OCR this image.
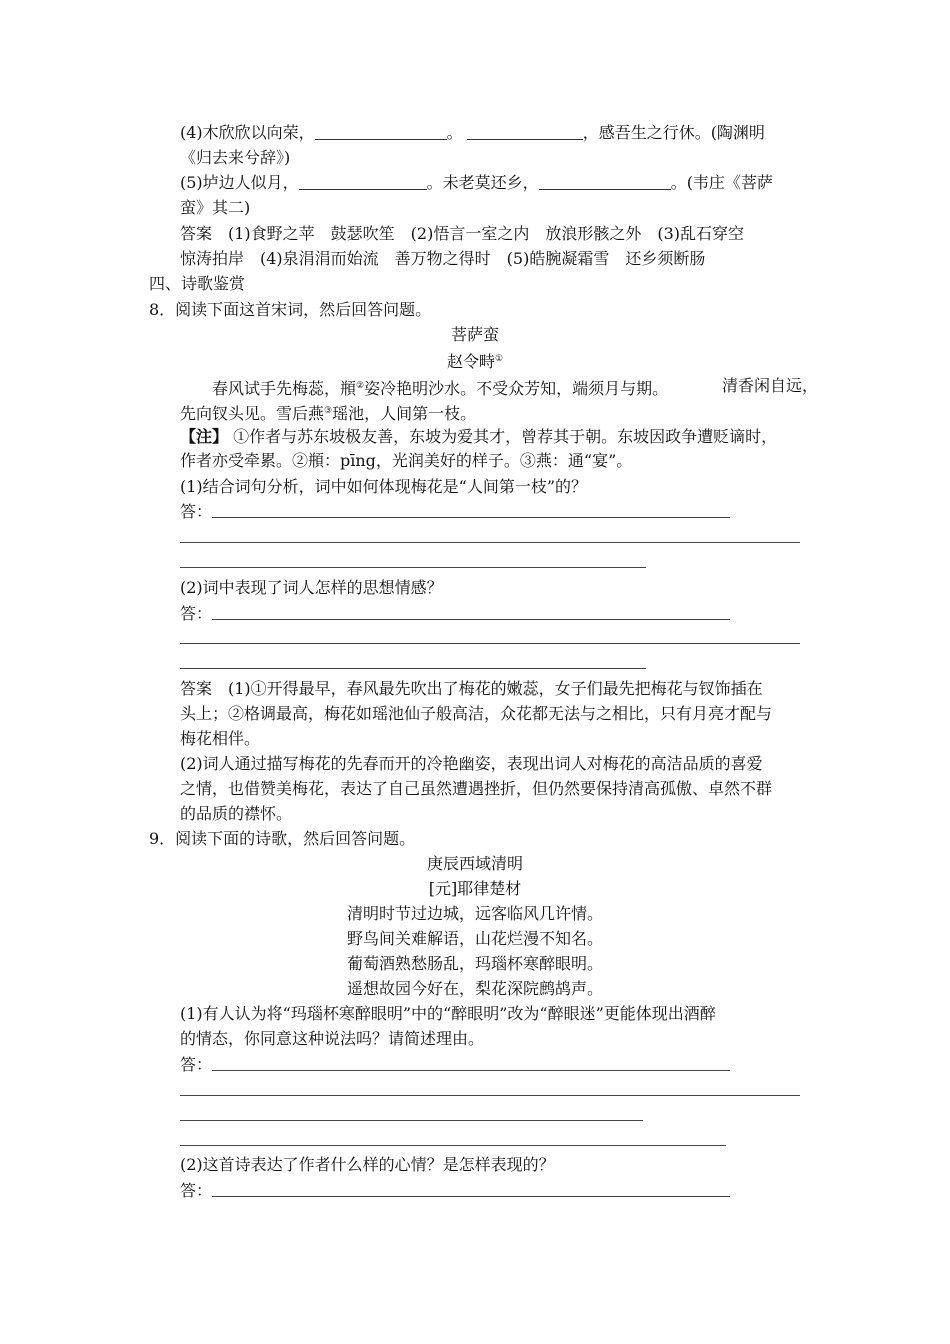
(4)木欣欣以向荣，	。	，感吾生之行休。(陶渊明
《归去来兮辞》)
(5)垆边人似月，	。未老莫还乡，	。(韦庄《菩萨
蛮》其二)
答案　(1)食野之苹　鼓瑟吹笙　(2)悟言一室之内　放浪形骸之外　(3)乱石穿空
惊涛拍岸　(4)泉涓涓而始流　善万物之得时　(5)皓腕凝霜雪　还乡须断肠
四、诗歌鉴赏
8．阅读下面这首宋词，然后回答问题。
菩萨蛮
赵令畤①
春风试手先梅蕊，頩②姿冷艳明沙水。不受众芳知，端须月与期。	清香闲自远，
先向钗头见。雪后燕③瑶池，人间第一枝。
【注】 ①作者与苏东坡极友善，东坡为爱其才，曾荐其于朝。东坡因政争遭贬谪时，
作者亦受牵累。②頩：pīng，光润美好的样子。③燕：通“宴”。
(1)结合词句分析，词中如何体现梅花是“人间第一枝”的？
答：
(2)词中表现了词人怎样的思想情感？
答：
答案　(1)①开得最早，春风最先吹出了梅花的嫩蕊，女子们最先把梅花与钗饰插在
头上；②格调最高，梅花如瑶池仙子般高洁，众花都无法与之相比，只有月亮才配与
梅花相伴。
(2)词人通过描写梅花的先春而开的冷艳幽姿，表现出词人对梅花的高洁品质的喜爱
之情，也借赞美梅花，表达了自己虽然遭遇挫折，但仍然要保持清高孤傲、卓然不群
的品质的襟怀。
9．阅读下面的诗歌，然后回答问题。
庚辰西域清明
[元]耶律楚材
清明时节过边城，远客临风几许情。
野鸟间关难解语，山花烂漫不知名。
葡萄酒熟愁肠乱，玛瑙杯寒醉眼明。
遥想故园今好在，梨花深院鹧鸪声。
(1)有人认为将“玛瑙杯寒醉眼明”中的“醉眼明”改为“醉眼迷”更能体现出酒醉
的情态，你同意这种说法吗？请简述理由。
答：
(2)这首诗表达了作者什么样的心情？是怎样表现的？
答：
